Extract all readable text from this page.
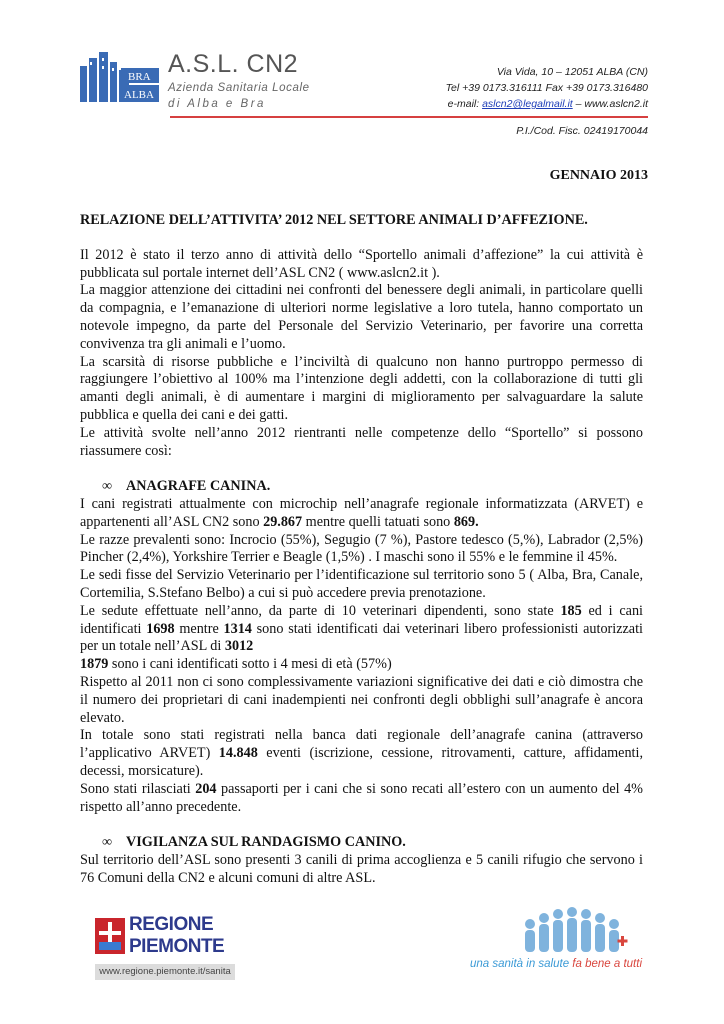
BRA
ALBA
A.S.L. CN2
Azienda Sanitaria Locale
di Alba e Bra
Via Vida, 10 – 12051 ALBA (CN)
Tel +39 0173.316111 Fax +39 0173.316480
e-mail: aslcn2@legalmail.it – www.aslcn2.it
P.I./Cod. Fisc. 02419170044
GENNAIO 2013

RELAZIONE DELL’ATTIVITA’ 2012 NEL SETTORE ANIMALI D’AFFEZIONE.

Il 2012 è stato il terzo anno di attività dello “Sportello animali d’affezione” la cui attività è pubblicata sul portale internet dell’ASL CN2 ( www.aslcn2.it ).

La maggior attenzione dei cittadini nei confronti del benessere degli animali, in particolare quelli da compagnia, e l’emanazione di ulteriori norme legislative a loro tutela, hanno comportato un notevole impegno, da parte del Personale del Servizio Veterinario, per favorire una corretta convivenza tra gli animali e l’uomo.

La scarsità di risorse pubbliche e l’inciviltà di qualcuno non hanno purtroppo permesso di raggiungere l’obiettivo al 100% ma l’intenzione degli addetti, con la collaborazione di tutti gli amanti degli animali, è di aumentare i margini di miglioramento per salvaguardare la salute pubblica e quella dei cani e dei gatti.

Le attività svolte nell’anno 2012 rientranti nelle competenze dello “Sportello” si possono riassumere così:

∞ ANAGRAFE CANINA.

I cani registrati attualmente con microchip nell’anagrafe regionale informatizzata (ARVET) e appartenenti all’ASL CN2 sono 29.867 mentre quelli tatuati sono 869.

Le razze prevalenti sono: Incrocio (55%), Segugio (7 %), Pastore tedesco (5,%), Labrador (2,5%) Pincher (2,4%), Yorkshire Terrier e Beagle (1,5%) . I maschi sono il 55% e le femmine il 45%.

Le sedi fisse del Servizio Veterinario per l’identificazione sul territorio sono 5 ( Alba, Bra, Canale, Cortemilia, S.Stefano Belbo) a cui si può accedere previa prenotazione.

Le sedute effettuate nell’anno, da parte di 10 veterinari dipendenti, sono state 185 ed i cani identificati 1698 mentre 1314 sono stati identificati dai veterinari libero professionisti autorizzati per un totale nell’ASL di 3012

1879 sono i cani identificati sotto i 4 mesi di età (57%)

Rispetto al 2011 non ci sono complessivamente variazioni significative dei dati e ciò dimostra che il numero dei proprietari di cani inadempienti nei confronti degli obblighi sull’anagrafe è ancora elevato.

In totale sono stati registrati nella banca dati regionale dell’anagrafe canina (attraverso l’applicativo ARVET) 14.848 eventi (iscrizione, cessione, ritrovamenti, catture, affidamenti, decessi, morsicature).

Sono stati rilasciati 204 passaporti per i cani che si sono recati all’estero con un aumento del 4% rispetto all’anno precedente.

∞ VIGILANZA SUL RANDAGISMO CANINO.

Sul territorio dell’ASL sono presenti 3 canili di prima accoglienza e 5 canili rifugio che servono i 76 Comuni della CN2 e alcuni comuni di altre ASL.

REGIONE
PIEMONTE
www.regione.piemonte.it/sanita
una sanità in salute fa bene a tutti
